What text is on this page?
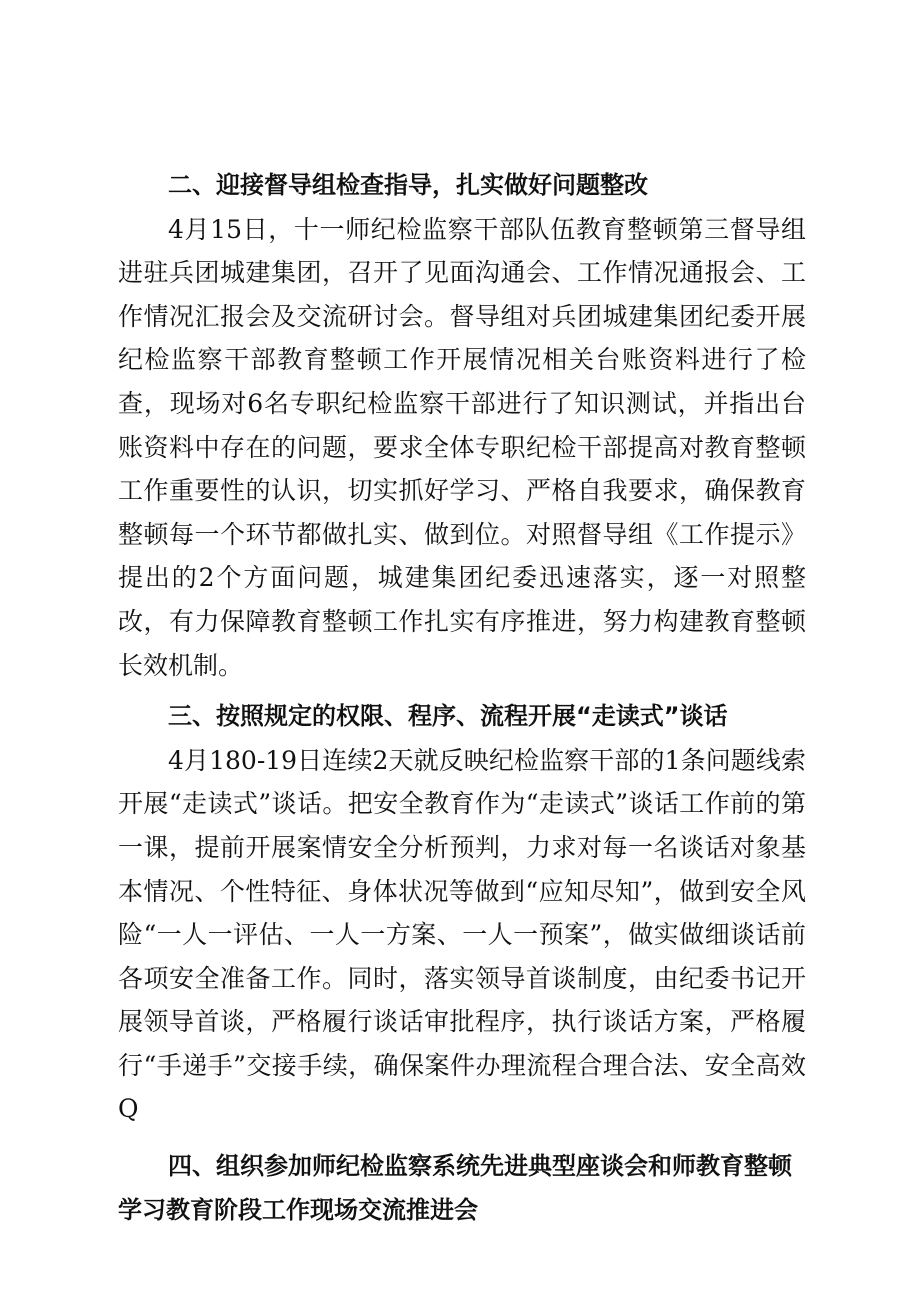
二、迎接督导组检查指导，扎实做好问题整改

4月15日，十一师纪检监察干部队伍教育整顿第三督导组进驻兵团城建集团，召开了见面沟通会、工作情况通报会、工作情况汇报会及交流研讨会。督导组对兵团城建集团纪委开展纪检监察干部教育整顿工作开展情况相关台账资料进行了检查，现场对6名专职纪检监察干部进行了知识测试，并指出台账资料中存在的问题，要求全体专职纪检干部提高对教育整顿工作重要性的认识，切实抓好学习、严格自我要求，确保教育整顿每一个环节都做扎实、做到位。对照督导组《工作提示》提出的2个方面问题，城建集团纪委迅速落实，逐一对照整改，有力保障教育整顿工作扎实有序推进，努力构建教育整顿长效机制。

三、按照规定的权限、程序、流程开展“走读式”谈话

4月180-19日连续2天就反映纪检监察干部的1条问题线索开展“走读式”谈话。把安全教育作为“走读式”谈话工作前的第一课，提前开展案情安全分析预判，力求对每一名谈话对象基本情况、个性特征、身体状况等做到“应知尽知”，做到安全风险“一人一评估、一人一方案、一人一预案”，做实做细谈话前各项安全准备工作。同时，落实领导首谈制度，由纪委书记开展领导首谈，严格履行谈话审批程序，执行谈话方案，严格履行“手递手”交接手续，确保案件办理流程合理合法、安全高效Q

四、组织参加师纪检监察系统先进典型座谈会和师教育整顿学习教育阶段工作现场交流推进会
